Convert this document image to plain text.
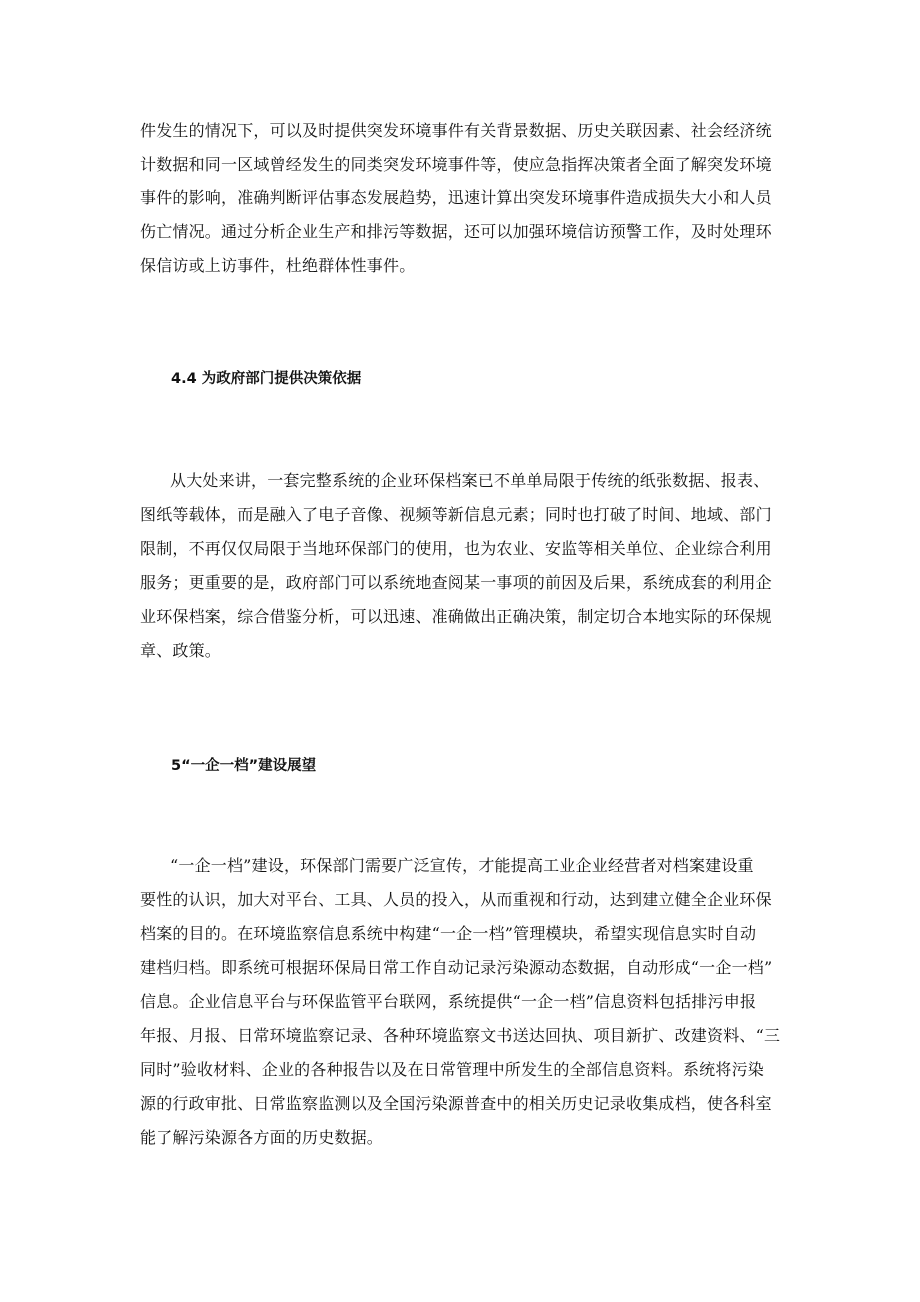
件发生的情况下，可以及时提供突发环境事件有关背景数据、历史关联因素、社会经济统
计数据和同一区域曾经发生的同类突发环境事件等，使应急指挥决策者全面了解突发环境
事件的影响，准确判断评估事态发展趋势，迅速计算出突发环境事件造成损失大小和人员
伤亡情况。通过分析企业生产和排污等数据，还可以加强环境信访预警工作，及时处理环
保信访或上访事件，杜绝群体性事件。
4.4 为政府部门提供决策依据
从大处来讲，一套完整系统的企业环保档案已不单单局限于传统的纸张数据、报表、
图纸等载体，而是融入了电子音像、视频等新信息元素；同时也打破了时间、地域、部门
限制，不再仅仅局限于当地环保部门的使用，也为农业、安监等相关单位、企业综合利用
服务；更重要的是，政府部门可以系统地查阅某一事项的前因及后果，系统成套的利用企
业环保档案，综合借鉴分析，可以迅速、准确做出正确决策，制定切合本地实际的环保规
章、政策。
5“一企一档”建设展望
“一企一档”建设，环保部门需要广泛宣传，才能提高工业企业经营者对档案建设重
要性的认识，加大对平台、工具、人员的投入，从而重视和行动，达到建立健全企业环保
档案的目的。在环境监察信息系统中构建“一企一档”管理模块，希望实现信息实时自动
建档归档。即系统可根据环保局日常工作自动记录污染源动态数据，自动形成“一企一档”
信息。企业信息平台与环保监管平台联网，系统提供“一企一档”信息资料包括排污申报
年报、月报、日常环境监察记录、各种环境监察文书送达回执、项目新扩、改建资料、“三
同时”验收材料、企业的各种报告以及在日常管理中所发生的全部信息资料。系统将污染
源的行政审批、日常监察监测以及全国污染源普查中的相关历史记录收集成档，使各科室
能了解污染源各方面的历史数据。
